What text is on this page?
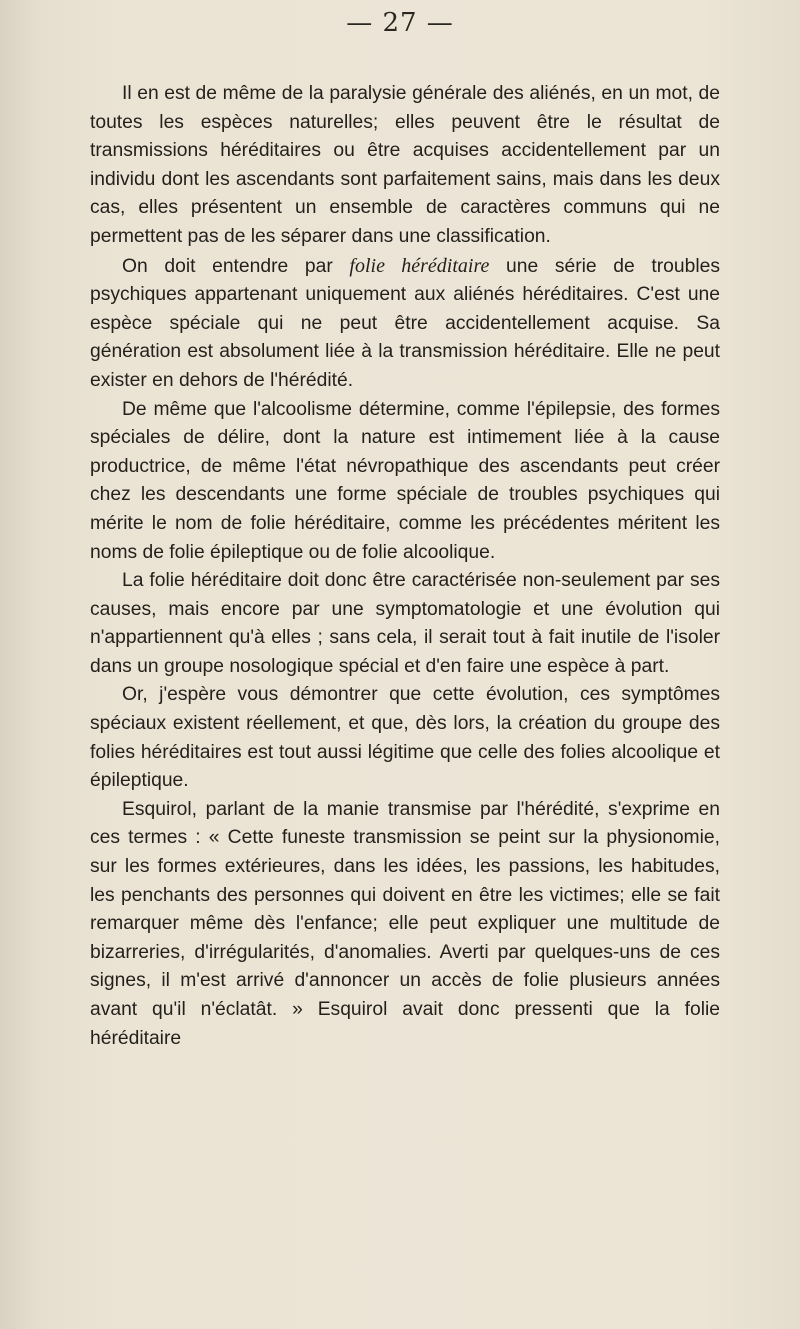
— 27 —

Il en est de même de la paralysie générale des aliénés, en un mot, de toutes les espèces naturelles; elles peuvent être le résultat de transmissions héréditaires ou être acquises accidentellement par un individu dont les ascendants sont parfaitement sains, mais dans les deux cas, elles présentent un ensemble de caractères communs qui ne permettent pas de les séparer dans une classification.

On doit entendre par folie héréditaire une série de troubles psychiques appartenant uniquement aux aliénés héréditaires. C'est une espèce spéciale qui ne peut être accidentellement acquise. Sa génération est absolument liée à la transmission héréditaire. Elle ne peut exister en dehors de l'hérédité.

De même que l'alcoolisme détermine, comme l'épilepsie, des formes spéciales de délire, dont la nature est intimement liée à la cause productrice, de même l'état névropathique des ascendants peut créer chez les descendants une forme spéciale de troubles psychiques qui mérite le nom de folie héréditaire, comme les précédentes méritent les noms de folie épileptique ou de folie alcoolique.

La folie héréditaire doit donc être caractérisée non-seulement par ses causes, mais encore par une symptomatologie et une évolution qui n'appartiennent qu'à elles ; sans cela, il serait tout à fait inutile de l'isoler dans un groupe nosologique spécial et d'en faire une espèce à part.

Or, j'espère vous démontrer que cette évolution, ces symptômes spéciaux existent réellement, et que, dès lors, la création du groupe des folies héréditaires est tout aussi légitime que celle des folies alcoolique et épileptique.

Esquirol, parlant de la manie transmise par l'hérédité, s'exprime en ces termes : « Cette funeste transmission se peint sur la physionomie, sur les formes extérieures, dans les idées, les passions, les habitudes, les penchants des personnes qui doivent en être les victimes; elle se fait remarquer même dès l'enfance; elle peut expliquer une multitude de bizarreries, d'irrégularités, d'anomalies. Averti par quelques-uns de ces signes, il m'est arrivé d'annoncer un accès de folie plusieurs années avant qu'il n'éclatât. » Esquirol avait donc pressenti que la folie héréditaire
